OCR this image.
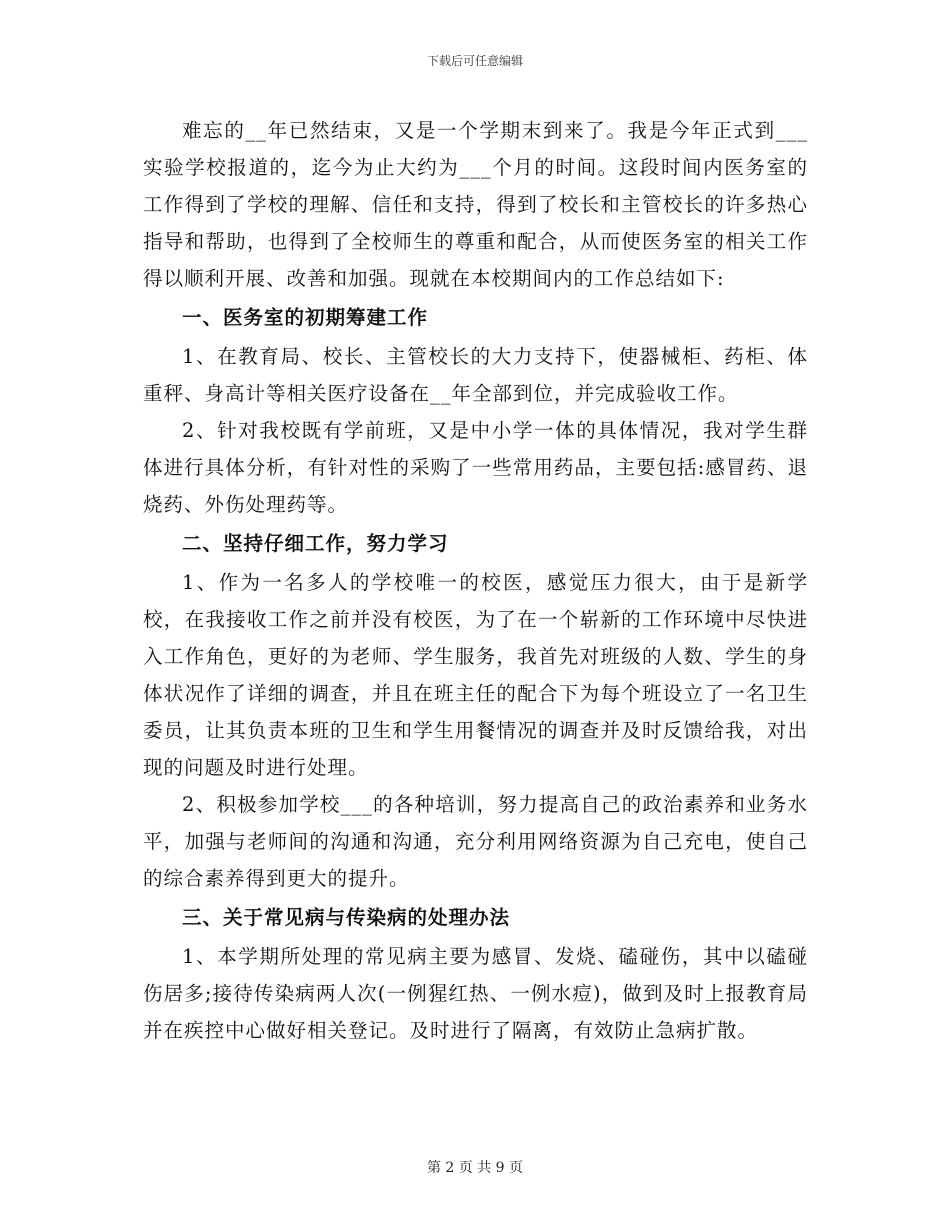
下载后可任意编辑

难忘的__年已然结束，又是一个学期末到来了。我是今年正式到___实验学校报道的，迄今为止大约为___个月的时间。这段时间内医务室的工作得到了学校的理解、信任和支持，得到了校长和主管校长的许多热心指导和帮助，也得到了全校师生的尊重和配合，从而使医务室的相关工作得以顺利开展、改善和加强。现就在本校期间内的工作总结如下:

一、医务室的初期筹建工作

1、在教育局、校长、主管校长的大力支持下，使器械柜、药柜、体重秤、身高计等相关医疗设备在__年全部到位，并完成验收工作。

2、针对我校既有学前班，又是中小学一体的具体情况，我对学生群体进行具体分析，有针对性的采购了一些常用药品，主要包括:感冒药、退烧药、外伤处理药等。

二、坚持仔细工作，努力学习

1、作为一名多人的学校唯一的校医，感觉压力很大，由于是新学校，在我接收工作之前并没有校医，为了在一个崭新的工作环境中尽快进入工作角色，更好的为老师、学生服务，我首先对班级的人数、学生的身体状况作了详细的调查，并且在班主任的配合下为每个班设立了一名卫生委员，让其负责本班的卫生和学生用餐情况的调查并及时反馈给我，对出现的问题及时进行处理。

2、积极参加学校___的各种培训，努力提高自己的政治素养和业务水平，加强与老师间的沟通和沟通，充分利用网络资源为自己充电，使自己的综合素养得到更大的提升。

三、关于常见病与传染病的处理办法

1、本学期所处理的常见病主要为感冒、发烧、磕碰伤，其中以磕碰伤居多;接待传染病两人次(一例猩红热、一例水痘)，做到及时上报教育局并在疾控中心做好相关登记。及时进行了隔离，有效防止急病扩散。

第 2 页 共 9 页
